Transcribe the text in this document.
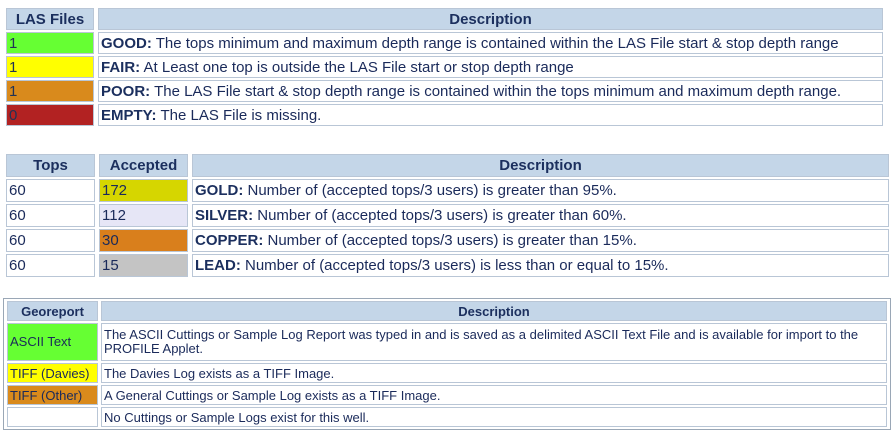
LAS Files	Description
1	GOOD: The tops minimum and maximum depth range is contained within the LAS File start & stop depth range
1	FAIR: At Least one top is outside the LAS File start or stop depth range
1	POOR: The LAS File start & stop depth range is contained within the tops minimum and maximum depth range.
0	EMPTY: The LAS File is missing.
Tops	Accepted	Description
60	172	GOLD: Number of (accepted tops/3 users) is greater than 95%.
60	112	SILVER: Number of (accepted tops/3 users) is greater than 60%.
60	30	COPPER: Number of (accepted tops/3 users) is greater than 15%.
60	15	LEAD: Number of (accepted tops/3 users) is less than or equal to 15%.
Georeport	Description
ASCII Text	The ASCII Cuttings or Sample Log Report was typed in and is saved as a delimited ASCII Text File and is available for import to the PROFILE Applet.
TIFF (Davies)	The Davies Log exists as a TIFF Image.
TIFF (Other)	A General Cuttings or Sample Log exists as a TIFF Image.
	No Cuttings or Sample Logs exist for this well.
